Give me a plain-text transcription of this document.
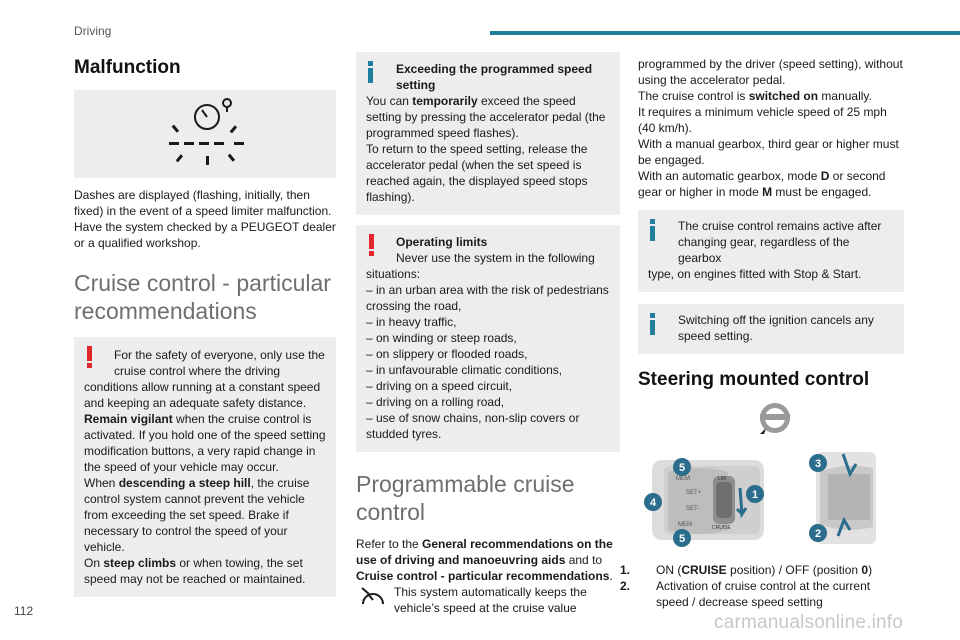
Driving
Malfunction
Dashes are displayed (flashing, initially, then fixed) in the event of a speed limiter malfunction. Have the system checked by a PEUGEOT dealer or a qualified workshop.
Cruise control - particular recommendations
For the safety of everyone, only use the
cruise control where the driving
conditions allow running at a constant speed and keeping an adequate safety distance.
Remain vigilant when the cruise control is activated. If you hold one of the speed setting modification buttons, a very rapid change in the speed of your vehicle may occur.
When descending a steep hill, the cruise control system cannot prevent the vehicle from exceeding the set speed. Brake if necessary to control the speed of your vehicle.
On steep climbs or when towing, the set speed may not be reached or maintained.
Exceeding the programmed speed setting
You can temporarily exceed the speed setting by pressing the accelerator pedal (the programmed speed flashes).
To return to the speed setting, release the accelerator pedal (when the set speed is reached again, the displayed speed stops flashing).
Operating limits
Never use the system in the following
situations:
– in an urban area with the risk of pedestrians crossing the road,
– in heavy traffic,
– on winding or steep roads,
– on slippery or flooded roads,
– in unfavourable climatic conditions,
– driving on a speed circuit,
– driving on a rolling road,
– use of snow chains, non-slip covers or studded tyres.
Programmable cruise control
Refer to the General recommendations on the use of driving and manoeuvring aids and to Cruise control - particular recommendations.
This system automatically keeps the
vehicle’s speed at the cruise value
programmed by the driver (speed setting), without using the accelerator pedal.
The cruise control is switched on manually.
It requires a minimum vehicle speed of 25 mph (40 km/h).
With a manual gearbox, third gear or higher must be engaged.
With an automatic gearbox, mode D or second gear or higher in mode M must be engaged.
The cruise control remains active after
changing gear, regardless of the gearbox
type, on engines fitted with Stop & Start.
Switching off the ignition cancels any
speed setting.
Steering mounted control
MEM
SET+
SET-
LIM
CRUISE
MEM
1
2
3
4
5
5
1. ON (CRUISE position) / OFF (position 0)
2. Activation of cruise control at the current speed / decrease speed setting
112
carmanualsonline.info
